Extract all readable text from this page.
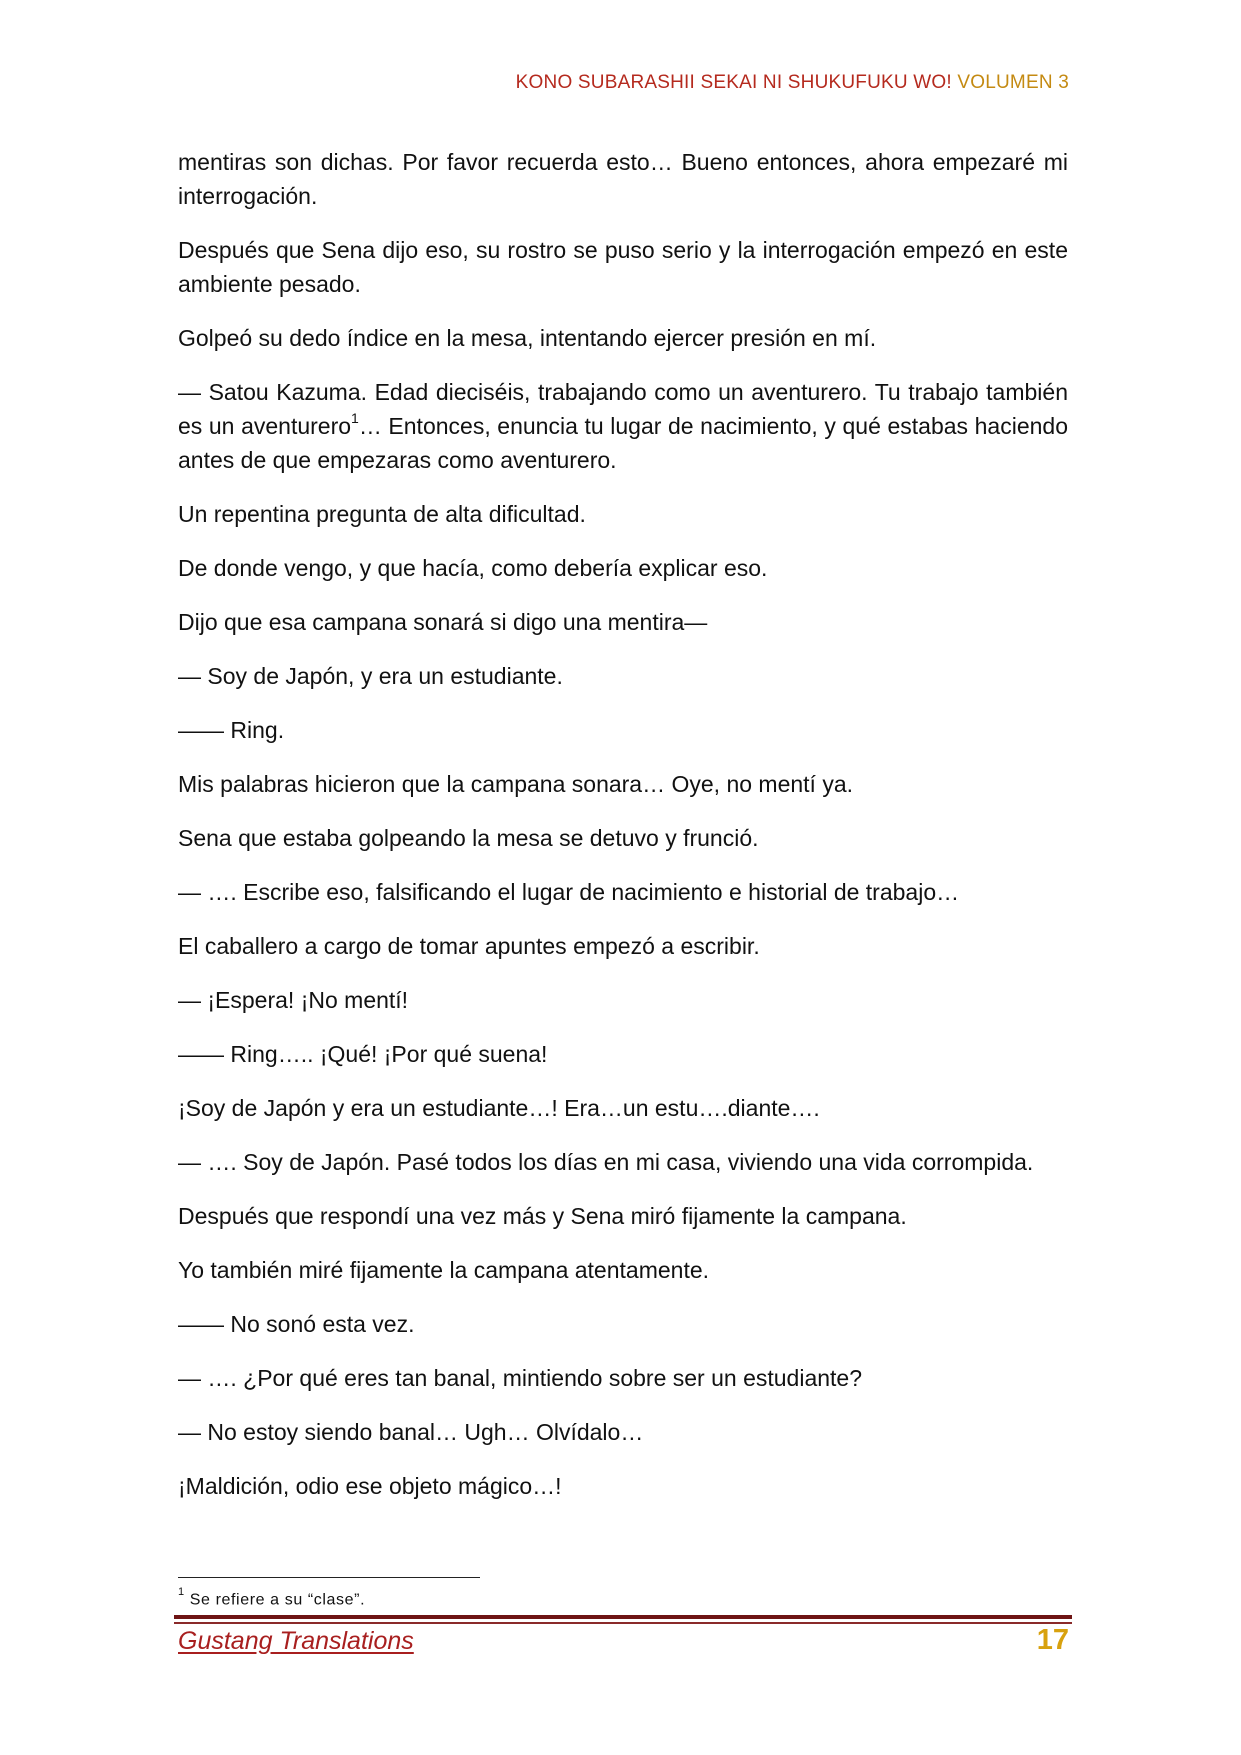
KONO SUBARASHII SEKAI NI SHUKUFUKU WO! VOLUMEN 3

mentiras son dichas. Por favor recuerda esto… Bueno entonces, ahora empezaré mi interrogación.

Después que Sena dijo eso, su rostro se puso serio y la interrogación empezó en este ambiente pesado.

Golpeó su dedo índice en la mesa, intentando ejercer presión en mí.

— Satou Kazuma. Edad dieciséis, trabajando como un aventurero. Tu trabajo también es un aventurero$^1$… Entonces, enuncia tu lugar de nacimiento, y qué estabas haciendo antes de que empezaras como aventurero.

Un repentina pregunta de alta dificultad.

De donde vengo, y que hacía, como debería explicar eso.

Dijo que esa campana sonará si digo una mentira—

— Soy de Japón, y era un estudiante.

—— Ring.

Mis palabras hicieron que la campana sonara… Oye, no mentí ya.

Sena que estaba golpeando la mesa se detuvo y frunció.

— …. Escribe eso, falsificando el lugar de nacimiento e historial de trabajo…

El caballero a cargo de tomar apuntes empezó a escribir.

— ¡Espera! ¡No mentí!

—— Ring….. ¡Qué! ¡Por qué suena!

¡Soy de Japón y era un estudiante…! Era…un estu….diante….

— …. Soy de Japón. Pasé todos los días en mi casa, viviendo una vida corrompida.

Después que respondí una vez más y Sena miró fijamente la campana.

Yo también miré fijamente la campana atentamente.

—— No sonó esta vez.

— …. ¿Por qué eres tan banal, mintiendo sobre ser un estudiante?

— No estoy siendo banal… Ugh… Olvídalo…

¡Maldición, odio ese objeto mágico…!

$^1$ Se refiere a su “clase”.
Gustang Translations	17
